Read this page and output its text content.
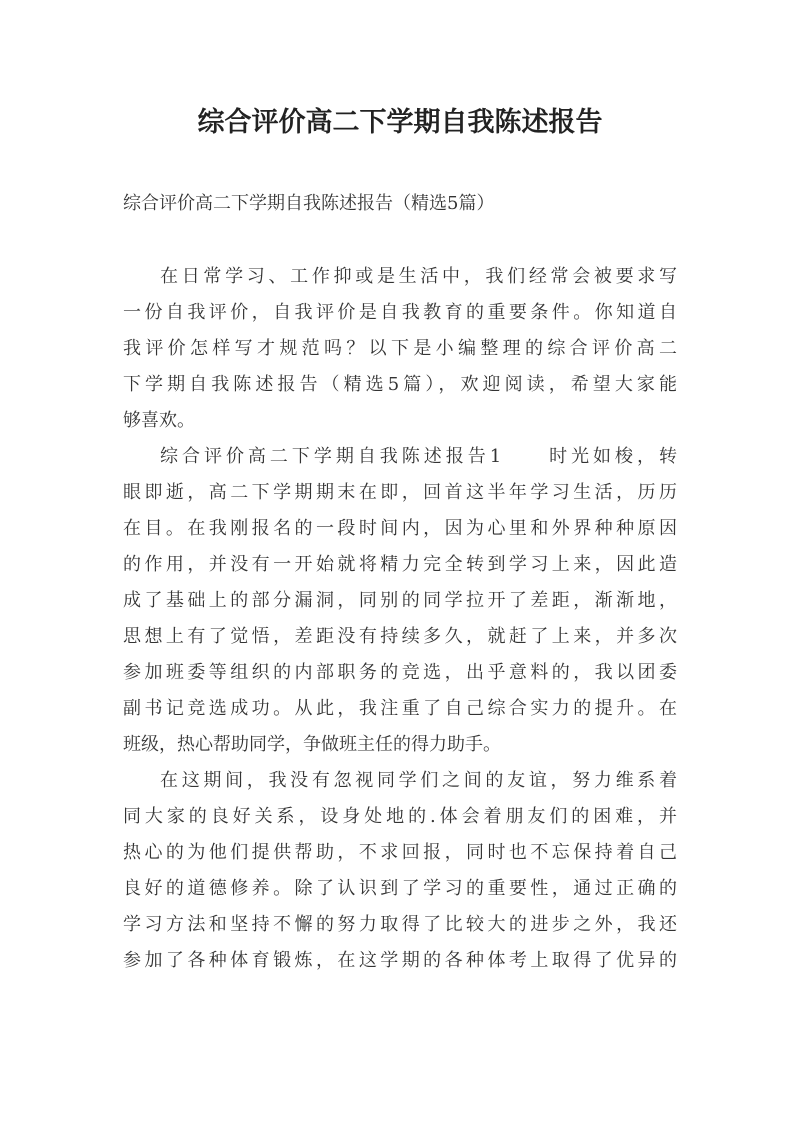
综合评价高二下学期自我陈述报告
综合评价高二下学期自我陈述报告（精选5篇）
在日常学习、工作抑或是生活中，我们经常会被要求写
一份自我评价，自我评价是自我教育的重要条件。你知道自
我评价怎样写才规范吗？以下是小编整理的综合评价高二
下学期自我陈述报告（精选5篇），欢迎阅读，希望大家能
够喜欢。
综合评价高二下学期自我陈述报告1　　时光如梭，转
眼即逝，高二下学期期末在即，回首这半年学习生活，历历
在目。在我刚报名的一段时间内，因为心里和外界种种原因
的作用，并没有一开始就将精力完全转到学习上来，因此造
成了基础上的部分漏洞，同别的同学拉开了差距，渐渐地，
思想上有了觉悟，差距没有持续多久，就赶了上来，并多次
参加班委等组织的内部职务的竞选，出乎意料的，我以团委
副书记竞选成功。从此，我注重了自己综合实力的提升。在
班级，热心帮助同学，争做班主任的得力助手。
在这期间，我没有忽视同学们之间的友谊，努力维系着
同大家的良好关系，设身处地的.体会着朋友们的困难，并
热心的为他们提供帮助，不求回报，同时也不忘保持着自己
良好的道德修养。除了认识到了学习的重要性，通过正确的
学习方法和坚持不懈的努力取得了比较大的进步之外，我还
参加了各种体育锻炼，在这学期的各种体考上取得了优异的
